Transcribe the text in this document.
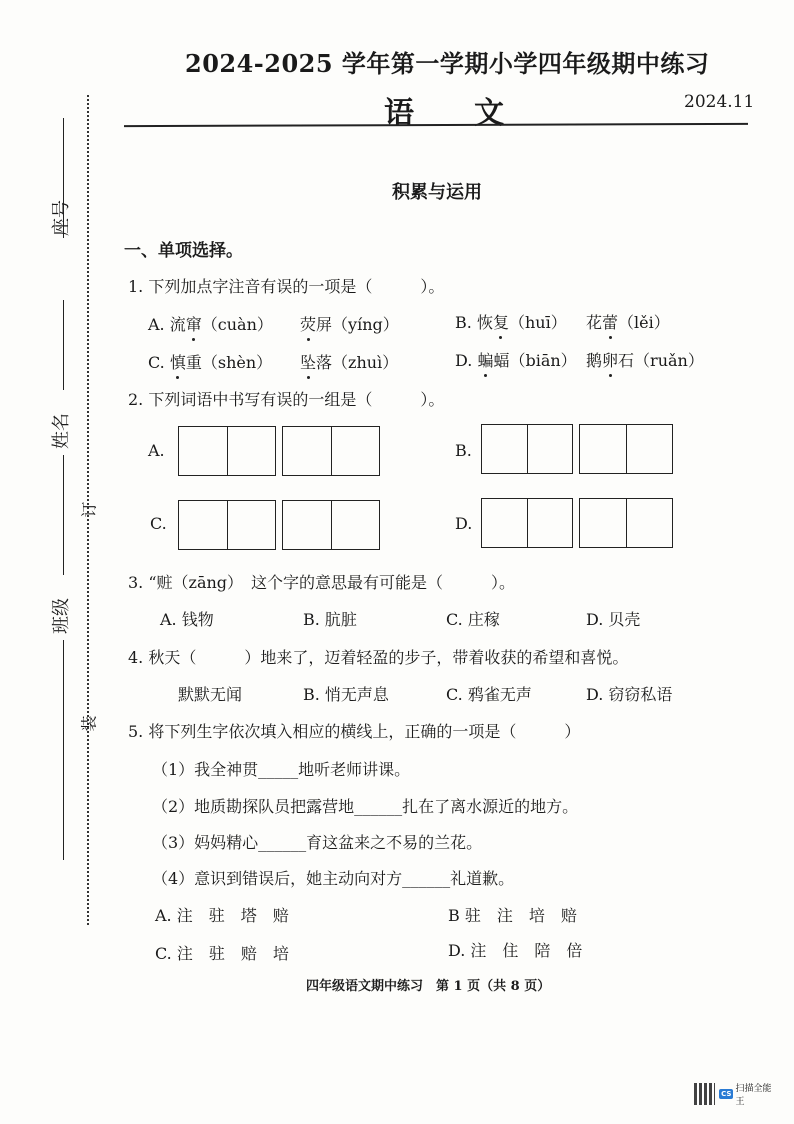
2024-2025 学年第一学期小学四年级期中练习
语文	2024.11
座号
姓名
班级
订
装
积累与运用
一、单项选择。
1. 下列加点字注音有误的一项是（　　　）。
A. 流窜（cuàn） 荧屏（yíng）	B. 恢复（huī） 花蕾（lěi）
C. 慎重（shèn） 坠落（zhuì）	D. 蝙蝠（biān） 鹅卵石（ruǎn）
2. 下列词语中书写有误的一组是（　　　）。
A.	B.
C.	D.
3. “赃（zāng）　这个字的意思最有可能是（　　　）。
A. 钱物	B. 肮脏	C. 庄稼	D. 贝壳
4. 秋天（　　　）地来了，迈着轻盈的步子，带着收获的希望和喜悦。
默默无闻	B. 悄无声息	C. 鸦雀无声	D. 窃窃私语
5. 将下列生字依次填入相应的横线上，正确的一项是（　　　）
（1）我全神贯_____地听老师讲课。
（2）地质勘探队员把露营地______扎在了离水源近的地方。
（3）妈妈精心______育这盆来之不易的兰花。
（4）意识到错误后，她主动向对方______礼道歉。
A. 注　驻　塔　赔	B 驻　注　培　赔
C. 注　驻　赔　培	D. 注　住　陪　倍
四年级语文期中练习　第 1 页（共 8 页）
CS 扫描全能王
